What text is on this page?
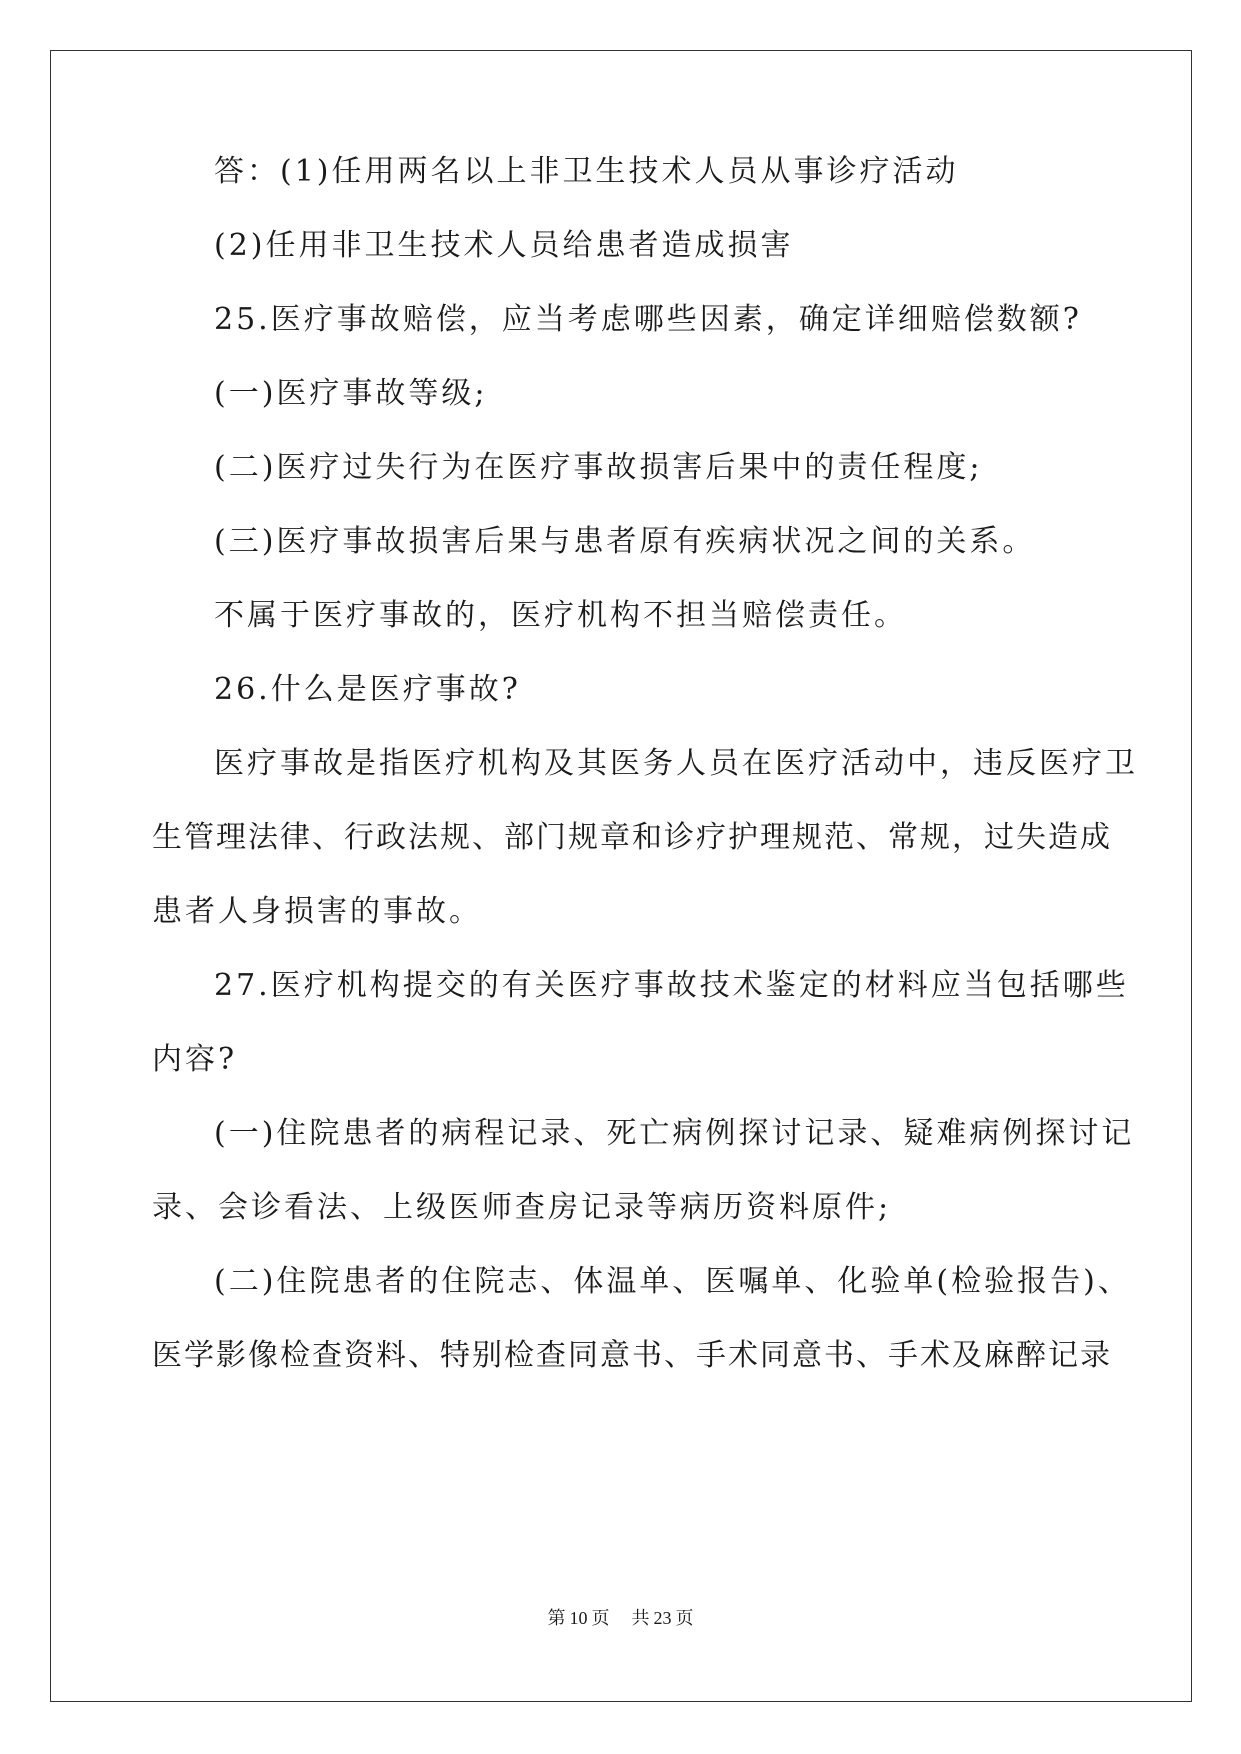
答：(1)任用两名以上非卫生技术人员从事诊疗活动
(2)任用非卫生技术人员给患者造成损害
25.医疗事故赔偿，应当考虑哪些因素，确定详细赔偿数额?
(一)医疗事故等级;
(二)医疗过失行为在医疗事故损害后果中的责任程度;
(三)医疗事故损害后果与患者原有疾病状况之间的关系。
不属于医疗事故的，医疗机构不担当赔偿责任。
26.什么是医疗事故?
医疗事故是指医疗机构及其医务人员在医疗活动中，违反医疗卫
生管理法律、行政法规、部门规章和诊疗护理规范、常规，过失造成
患者人身损害的事故。
27.医疗机构提交的有关医疗事故技术鉴定的材料应当包括哪些
内容?
(一)住院患者的病程记录、死亡病例探讨记录、疑难病例探讨记
录、会诊看法、上级医师查房记录等病历资料原件;
(二)住院患者的住院志、体温单、医嘱单、化验单(检验报告)、
医学影像检查资料、特别检查同意书、手术同意书、手术及麻醉记录
第 10 页 共 23 页
